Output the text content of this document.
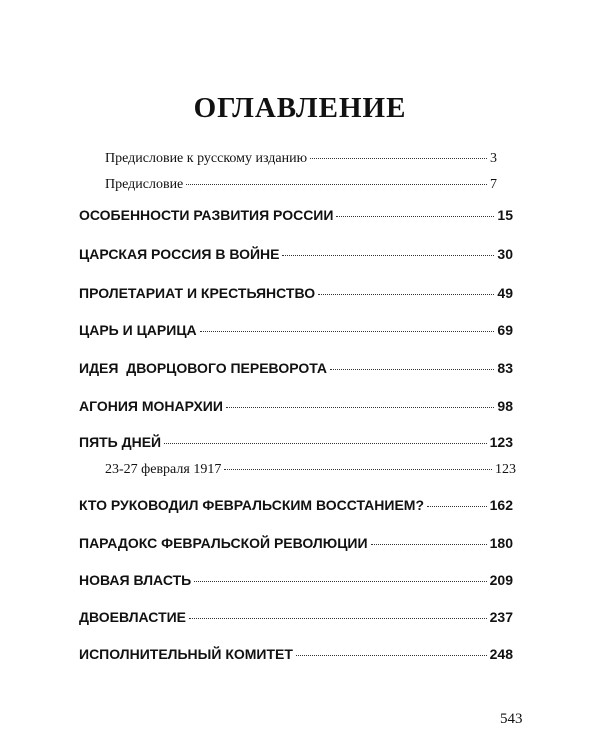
ОГЛАВЛЕНИЕ
Предисловие к русскому изданию	3
Предисловие	7
ОСОБЕННОСТИ РАЗВИТИЯ РОССИИ	15
ЦАРСКАЯ РОССИЯ В ВОЙНЕ	30
ПРОЛЕТАРИАТ И КРЕСТЬЯНСТВО	49
ЦАРЬ И ЦАРИЦА	69
ИДЕЯ  ДВОРЦОВОГО ПЕРЕВОРОТА	83
АГОНИЯ МОНАРХИИ	98
ПЯТЬ ДНЕЙ	123
23-27 февраля 1917	123
КТО РУКОВОДИЛ ФЕВРАЛЬСКИМ ВОССТАНИЕМ?	162
ПАРАДОКС ФЕВРАЛЬСКОЙ РЕВОЛЮЦИИ	180
НОВАЯ ВЛАСТЬ	209
ДВОЕВЛАСТИЕ	237
ИСПОЛНИТЕЛЬНЫЙ КОМИТЕТ	248
543
